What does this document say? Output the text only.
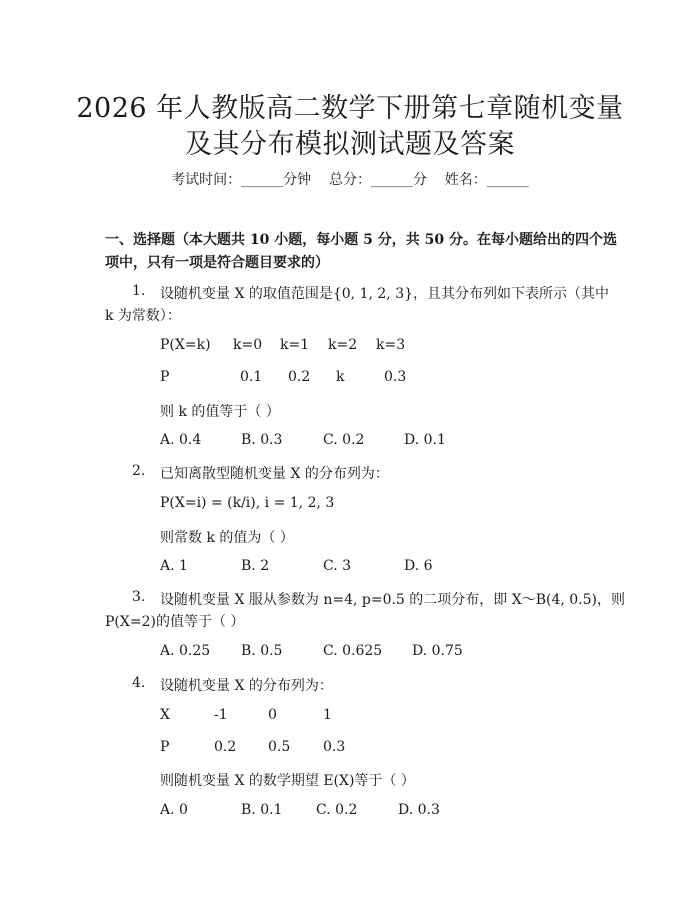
2026 年人教版高二数学下册第七章随机变量
及其分布模拟测试题及答案
考试时间：______分钟    总分：______分    姓名：______
一、选择题（本大题共 10 小题，每小题 5 分，共 50 分。在每小题给出的四个选
项中，只有一项是符合题目要求的）
1. 设随机变量 X 的取值范围是{0, 1, 2, 3}，且其分布列如下表所示（其中
k 为常数）：
P(X=k) k=0 k=1 k=2 k=3
P	0.1 0.2 k	0.3
则 k 的值等于（ ）
A. 0.4	B. 0.3	C. 0.2	D. 0.1
2. 已知离散型随机变量 X 的分布列为：
P(X=i) = (k/i), i = 1, 2, 3
则常数 k 的值为（ ）
A. 1	B. 2	C. 3	D. 6
3. 设随机变量 X 服从参数为 n=4, p=0.5 的二项分布，即 X～B(4, 0.5)，则
P(X=2)的值等于（ ）
A. 0.25 B. 0.5	C. 0.625 D. 0.75
4. 设随机变量 X 的分布列为：
X	-1	0	1
P	0.2 0.5 0.3
则随机变量 X 的数学期望 E(X)等于（ ）
A. 0	B. 0.1 C. 0.2	D. 0.3
